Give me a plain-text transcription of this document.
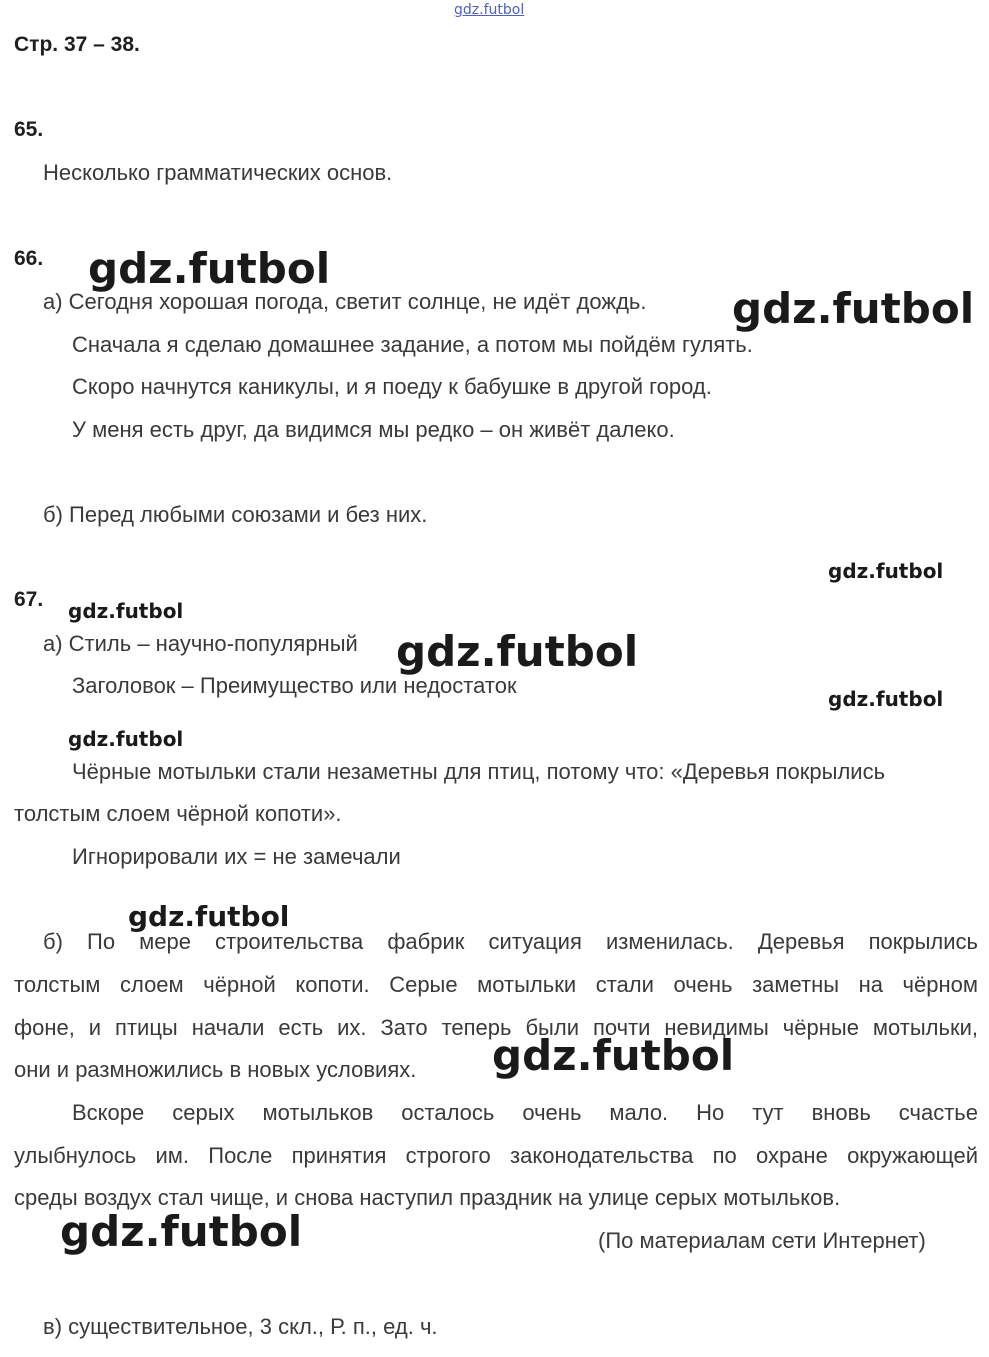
gdz.futbol
Стр. 37 – 38.
65.
Несколько грамматических основ.
66.
а) Сегодня хорошая погода, светит солнце, не идёт дождь.
Сначала я сделаю домашнее задание, а потом мы пойдём гулять.
Скоро начнутся каникулы, и я поеду к бабушке в другой город.
У меня есть друг, да видимся мы редко – он живёт далеко.
б) Перед любыми союзами и без них.
67.
а) Стиль – научно-популярный
Заголовок – Преимущество или недостаток
Чёрные мотыльки стали незаметны для птиц, потому что: «Деревья покрылись
толстым слоем чёрной копоти».
Игнорировали их = не замечали
б) По мере строительства фабрик ситуация изменилась. Деревья покрылись
толстым слоем чёрной копоти. Серые мотыльки стали очень заметны на чёрном
фоне, и птицы начали есть их. Зато теперь были почти невидимы чёрные мотыльки,
они и размножились в новых условиях.
Вскоре серых мотыльков осталось очень мало. Но тут вновь счастье
улыбнулось им. После принятия строгого законодательства по охране окружающей
среды воздух стал чище, и снова наступил праздник на улице серых мотыльков.
(По материалам сети Интернет)
в) существительное, 3 скл., Р. п., ед. ч.
gdz.futbol
gdz.futbol
gdz.futbol
gdz.futbol
gdz.futbol
gdz.futbol
gdz.futbol
gdz.futbol
gdz.futbol
gdz.futbol
